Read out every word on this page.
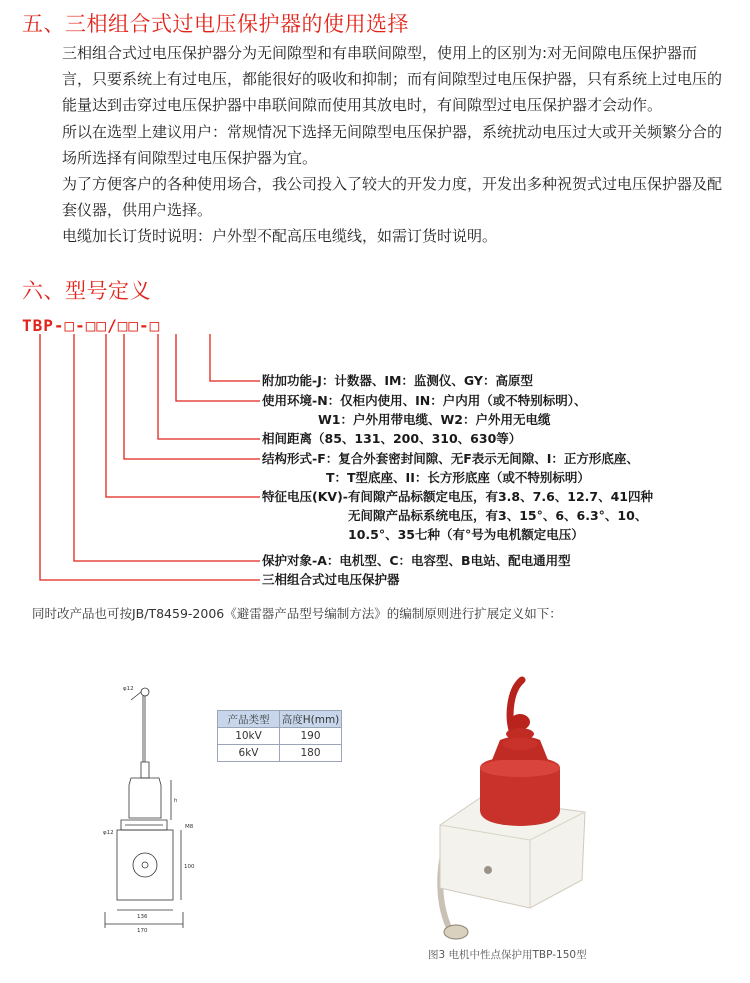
五、三相组合式过电压保护器的使用选择

三相组合式过电压保护器分为无间隙型和有串联间隙型，使用上的区别为:对无间隙电压保护器而言，只要系统上有过电压，都能很好的吸收和抑制；而有间隙型过电压保护器，只有系统上过电压的能量达到击穿过电压保护器中串联间隙而使用其放电时，有间隙型过电压保护器才会动作。

所以在选型上建议用户：常规情况下选择无间隙型电压保护器，系统扰动电压过大或开关频繁分合的场所选择有间隙型过电压保护器为宜。

为了方便客户的各种使用场合，我公司投入了较大的开发力度，开发出多种祝贺式过电压保护器及配套仪器，供用户选择。

电缆加长订货时说明：户外型不配高压电缆线，如需订货时说明。

六、型号定义
TBP-□-□□/□□-□
附加功能-J：计数器、IM：监测仪、GY：高原型
使用环境-N：仅柜内使用、IN：户内用（或不特别标明）、
W1：户外用带电缆、W2：户外用无电缆
相间距离（85、131、200、310、630等）
结构形式-F：复合外套密封间隙、无F表示无间隙、I：正方形底座、
T：T型底座、II：长方形底座（或不特别标明）
特征电压(KV)-有间隙产品标额定电压，有3.8、7.6、12.7、41四种
无间隙产品标系统电压，有3、15°、6、6.3°、10、
10.5°、35七种（有°号为电机额定电压）
保护对象-A：电机型、C：电容型、B电站、配电通用型
三相组合式过电压保护器
同时改产品也可按JB/T8459-2006《避雷器产品型号编制方法》的编制原则进行扩展定义如下：
φ12
φ12
h
M8
100
136
170
产品类型	高度H(mm)
10kV	190
6kV	180
图3 电机中性点保护用TBP-150型
